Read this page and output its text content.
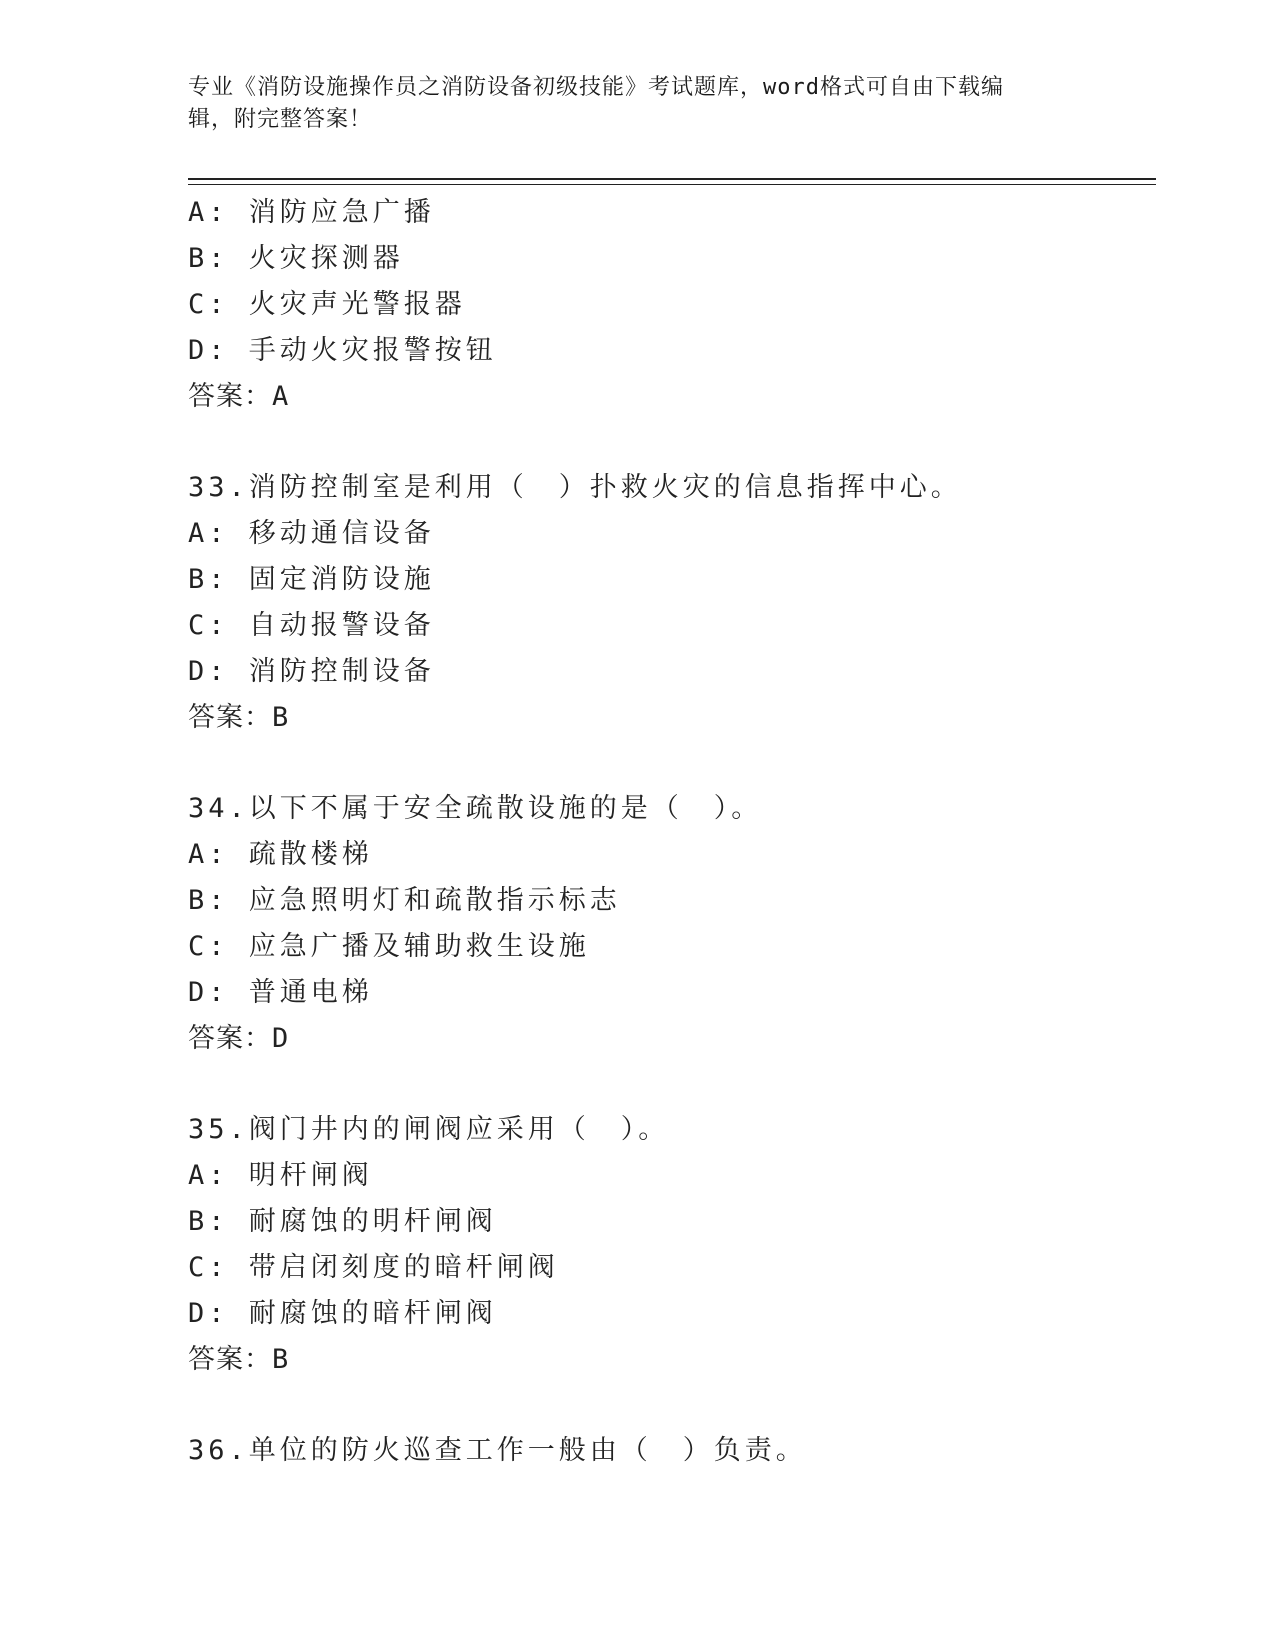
专业《消防设施操作员之消防设备初级技能》考试题库，word格式可自由下载编
辑，附完整答案！
A: 消防应急广播
B: 火灾探测器
C: 火灾声光警报器
D: 手动火灾报警按钮
答案：A
33.消防控制室是利用（　）扑救火灾的信息指挥中心。
A: 移动通信设备
B: 固定消防设施
C: 自动报警设备
D: 消防控制设备
答案：B
34.以下不属于安全疏散设施的是（　）。
A: 疏散楼梯
B: 应急照明灯和疏散指示标志
C: 应急广播及辅助救生设施
D: 普通电梯
答案：D
35.阀门井内的闸阀应采用（　）。
A: 明杆闸阀
B: 耐腐蚀的明杆闸阀
C: 带启闭刻度的暗杆闸阀
D: 耐腐蚀的暗杆闸阀
答案：B
36.单位的防火巡查工作一般由（　）负责。
